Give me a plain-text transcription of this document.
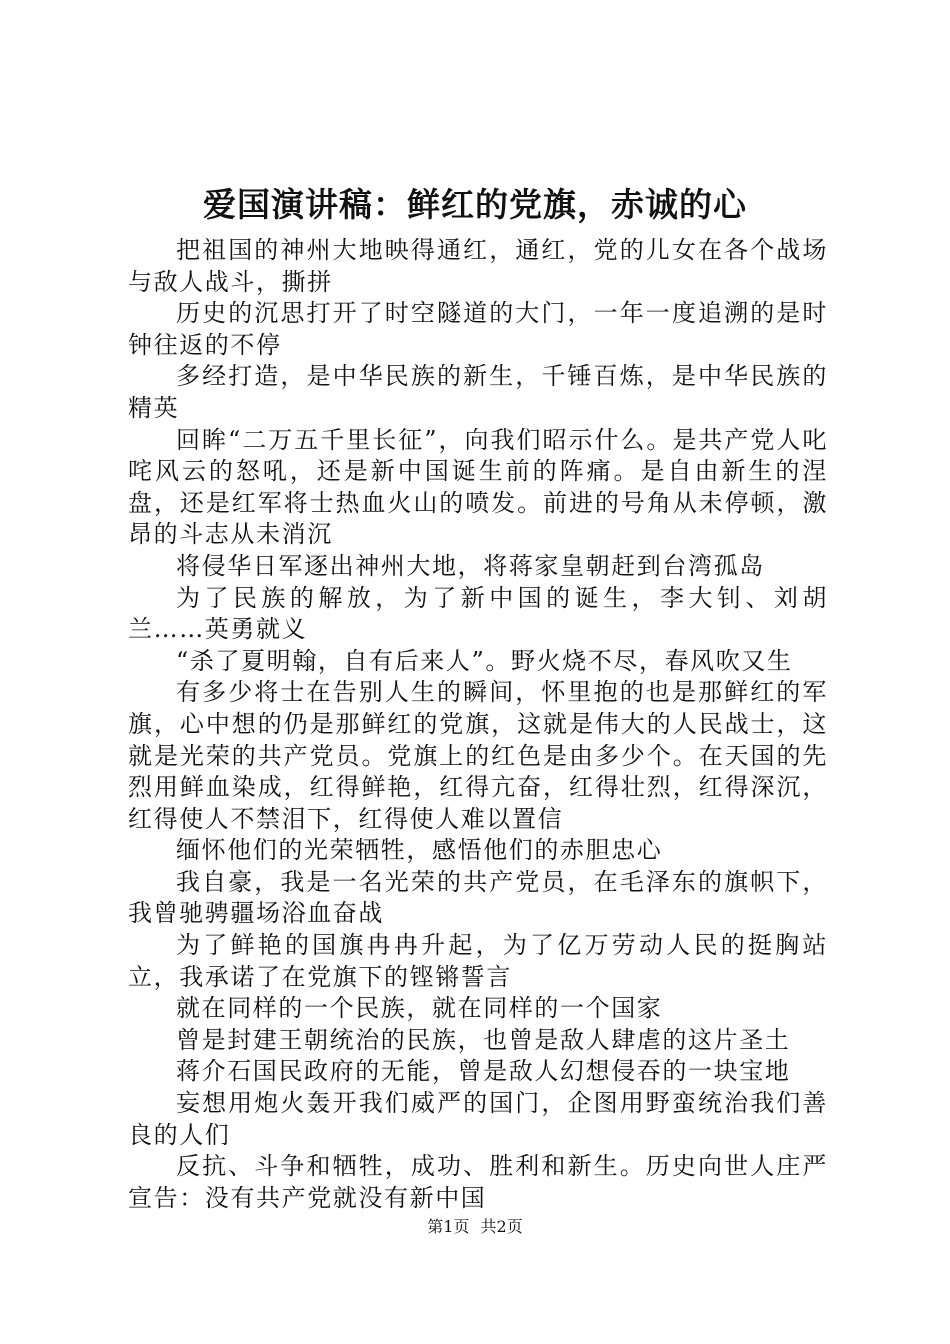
爱国演讲稿：鲜红的党旗，赤诚的心

把祖国的神州大地映得通红，通红，党的儿女在各个战场与敌人战斗，撕拼

历史的沉思打开了时空隧道的大门，一年一度追溯的是时钟往返的不停

多经打造，是中华民族的新生，千锤百炼，是中华民族的精英

回眸“二万五千里长征”，向我们昭示什么。是共产党人叱咤风云的怒吼，还是新中国诞生前的阵痛。是自由新生的涅盘，还是红军将士热血火山的喷发。前进的号角从未停顿，激昂的斗志从未消沉

将侵华日军逐出神州大地，将蒋家皇朝赶到台湾孤岛

为了民族的解放，为了新中国的诞生，李大钊、刘胡兰……英勇就义

“杀了夏明翰，自有后来人”。野火烧不尽，春风吹又生

有多少将士在告别人生的瞬间，怀里抱的也是那鲜红的军旗，心中想的仍是那鲜红的党旗，这就是伟大的人民战士，这就是光荣的共产党员。党旗上的红色是由多少个。在天国的先烈用鲜血染成，红得鲜艳，红得亢奋，红得壮烈，红得深沉，红得使人不禁泪下，红得使人难以置信

缅怀他们的光荣牺牲，感悟他们的赤胆忠心

我自豪，我是一名光荣的共产党员，在毛泽东的旗帜下，我曾驰骋疆场浴血奋战

为了鲜艳的国旗冉冉升起，为了亿万劳动人民的挺胸站立，我承诺了在党旗下的铿锵誓言

就在同样的一个民族，就在同样的一个国家

曾是封建王朝统治的民族，也曾是敌人肆虐的这片圣土

蒋介石国民政府的无能，曾是敌人幻想侵吞的一块宝地

妄想用炮火轰开我们威严的国门，企图用野蛮统治我们善良的人们

反抗、斗争和牺牲，成功、胜利和新生。历史向世人庄严宣告：没有共产党就没有新中国

第1页 共2页
